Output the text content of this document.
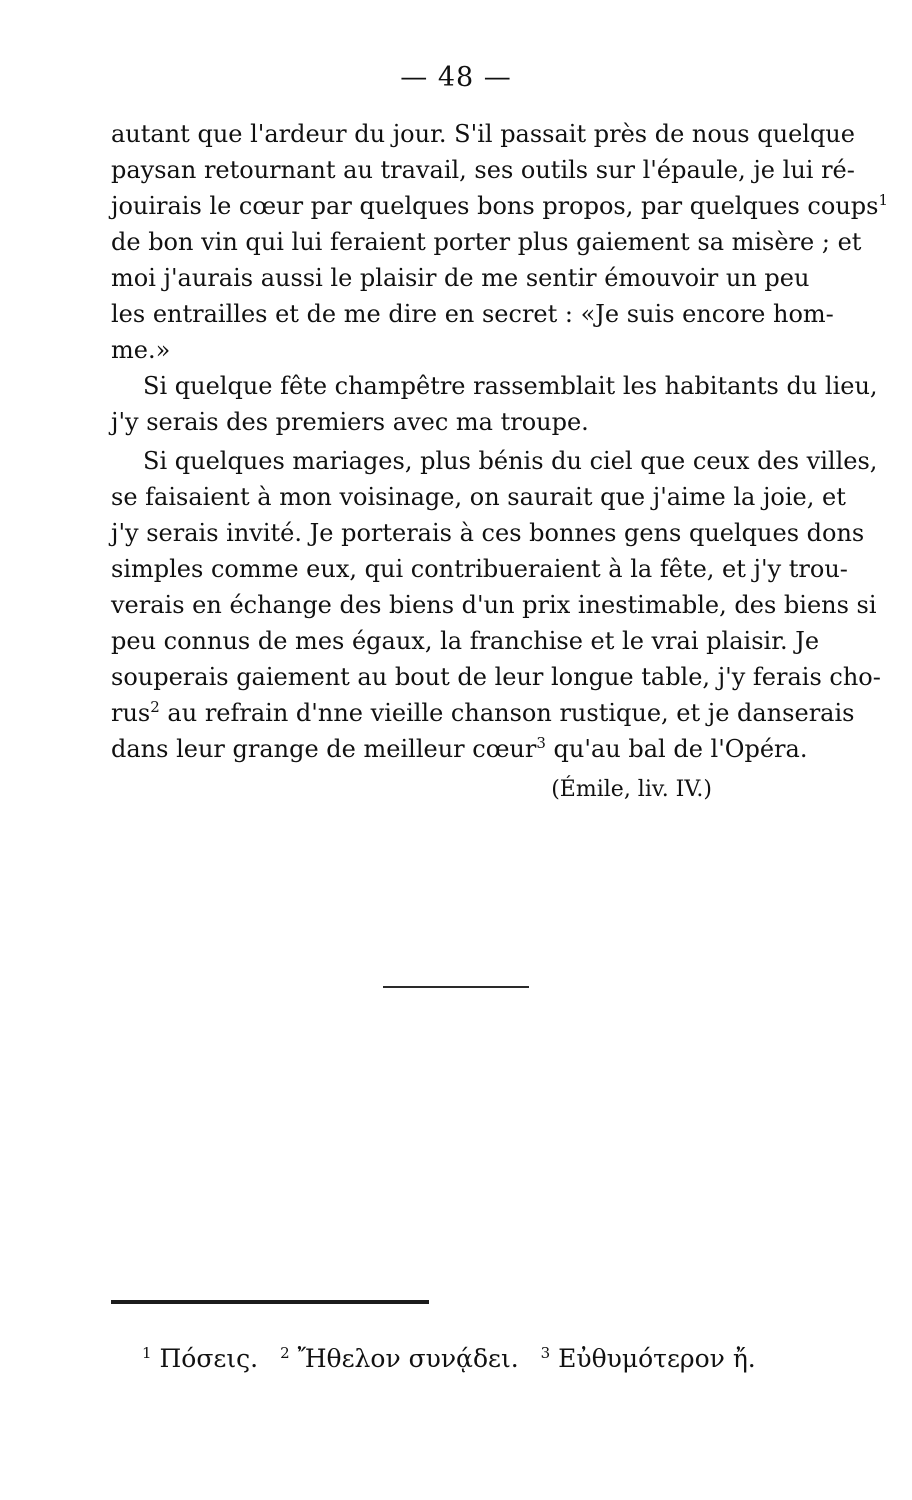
— 48 —
autant que l'ardeur du jour. S'il passait près de nous quelque
paysan retournant au travail, ses outils sur l'épaule, je lui ré-
jouirais le cœur par quelques bons propos, par quelques coups$^1$
de bon vin qui lui feraient porter plus gaiement sa misère ; et
moi j'aurais aussi le plaisir de me sentir émouvoir un peu
les entrailles et de me dire en secret : «Je suis encore hom-
me.»
Si quelque fête champêtre rassemblait les habitants du lieu,
j'y serais des premiers avec ma troupe.
Si quelques mariages, plus bénis du ciel que ceux des villes,
se faisaient à mon voisinage, on saurait que j'aime la joie, et
j'y serais invité. Je porterais à ces bonnes gens quelques dons
simples comme eux, qui contribueraient à la fête, et j'y trou-
verais en échange des biens d'un prix inestimable, des biens si
peu connus de mes égaux, la franchise et le vrai plaisir. Je
souperais gaiement au bout de leur longue table, j'y ferais cho-
rus$^2$ au refrain d'nne vieille chanson rustique, et je danserais
dans leur grange de meilleur cœur$^3$ qu'au bal de l'Opéra.
(Émile, liv. IV.)
$^1$ Πόσεις. $^2$ Ἤθελον συνᾴδει. $^3$ Εὐθυμότερον ἤ.
